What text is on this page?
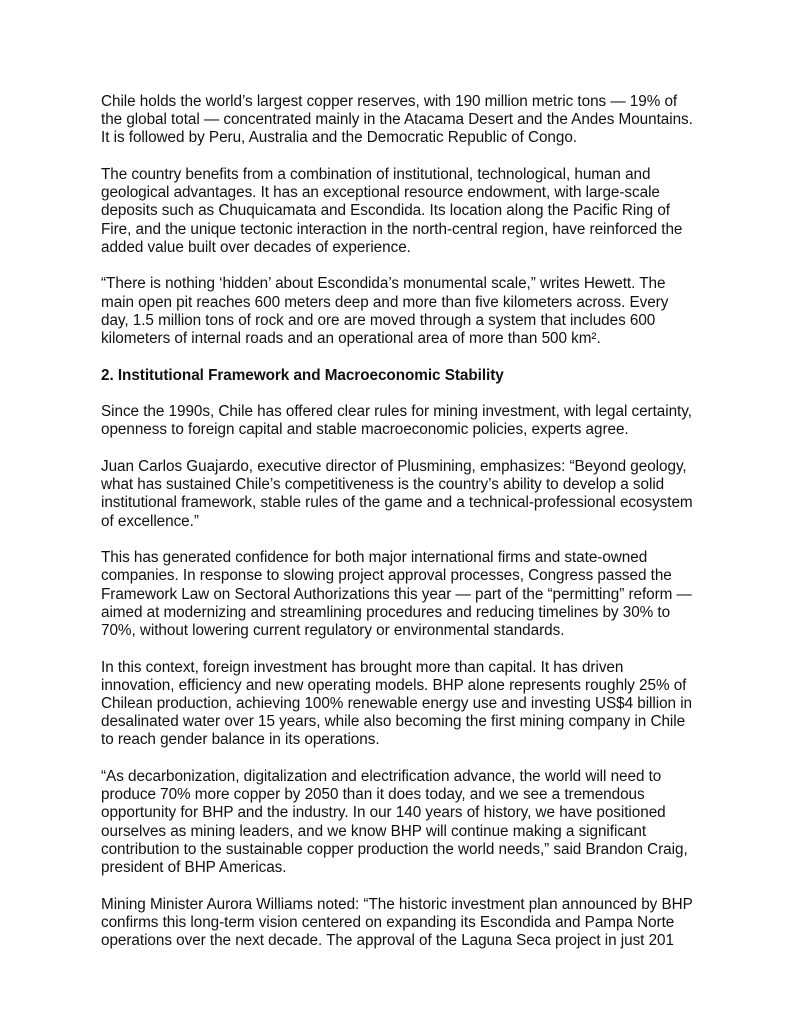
Chile holds the world’s largest copper reserves, with 190 million metric tons — 19% of
the global total — concentrated mainly in the Atacama Desert and the Andes Mountains.
It is followed by Peru, Australia and the Democratic Republic of Congo.

The country benefits from a combination of institutional, technological, human and
geological advantages. It has an exceptional resource endowment, with large-scale
deposits such as Chuquicamata and Escondida. Its location along the Pacific Ring of
Fire, and the unique tectonic interaction in the north-central region, have reinforced the
added value built over decades of experience.

“There is nothing ‘hidden’ about Escondida’s monumental scale,” writes Hewett. The
main open pit reaches 600 meters deep and more than five kilometers across. Every
day, 1.5 million tons of rock and ore are moved through a system that includes 600
kilometers of internal roads and an operational area of more than 500 km².

2. Institutional Framework and Macroeconomic Stability

Since the 1990s, Chile has offered clear rules for mining investment, with legal certainty,
openness to foreign capital and stable macroeconomic policies, experts agree.

Juan Carlos Guajardo, executive director of Plusmining, emphasizes: “Beyond geology,
what has sustained Chile’s competitiveness is the country’s ability to develop a solid
institutional framework, stable rules of the game and a technical-professional ecosystem
of excellence.”

This has generated confidence for both major international firms and state-owned
companies. In response to slowing project approval processes, Congress passed the
Framework Law on Sectoral Authorizations this year — part of the “permitting” reform —
aimed at modernizing and streamlining procedures and reducing timelines by 30% to
70%, without lowering current regulatory or environmental standards.

In this context, foreign investment has brought more than capital. It has driven
innovation, efficiency and new operating models. BHP alone represents roughly 25% of
Chilean production, achieving 100% renewable energy use and investing US$4 billion in
desalinated water over 15 years, while also becoming the first mining company in Chile
to reach gender balance in its operations.

“As decarbonization, digitalization and electrification advance, the world will need to
produce 70% more copper by 2050 than it does today, and we see a tremendous
opportunity for BHP and the industry. In our 140 years of history, we have positioned
ourselves as mining leaders, and we know BHP will continue making a significant
contribution to the sustainable copper production the world needs,” said Brandon Craig,
president of BHP Americas.

Mining Minister Aurora Williams noted: “The historic investment plan announced by BHP
confirms this long-term vision centered on expanding its Escondida and Pampa Norte
operations over the next decade. The approval of the Laguna Seca project in just 201
